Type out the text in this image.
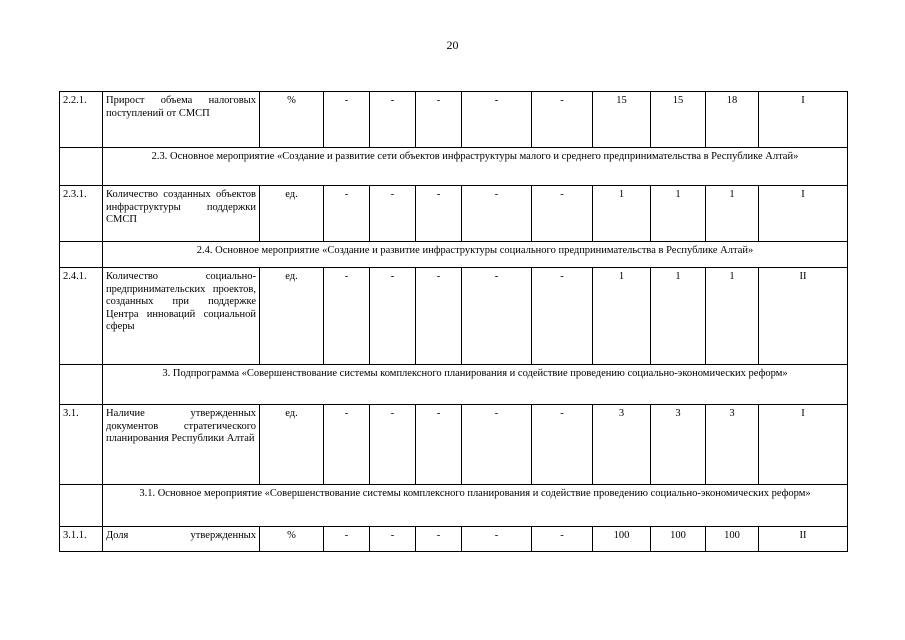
20
2.2.1.	Прирост объема налоговых поступлений от СМСП	%	-	-	-	-	-	15	15	18	I
	2.3. Основное мероприятие «Создание и развитие сети объектов инфраструктуры малого и среднего предпринимательства в Республике Алтай»										
2.3.1.	Количество созданных объектов инфраструктуры поддержки СМСП	ед.	-	-	-	-	-	1	1	1	I
	2.4. Основное мероприятие «Создание и развитие инфраструктуры социального предпринимательства в Республике Алтай»										
2.4.1.	Количество социально-предпринимательских проектов, созданных при поддержке Центра инноваций социальной сферы	ед.	-	-	-	-	-	1	1	1	II
	3. Подпрограмма «Совершенствование системы комплексного планирования и содействие проведению социально-экономических реформ»										
3.1.	Наличие утвержденных документов стратегического планирования Республики Алтай	ед.	-	-	-	-	-	3	3	3	I
	3.1. Основное мероприятие «Совершенствование системы комплексного планирования и содействие проведению социально-экономических реформ»										
3.1.1.	Доля утвержденных	%	-	-	-	-	-	100	100	100	II
